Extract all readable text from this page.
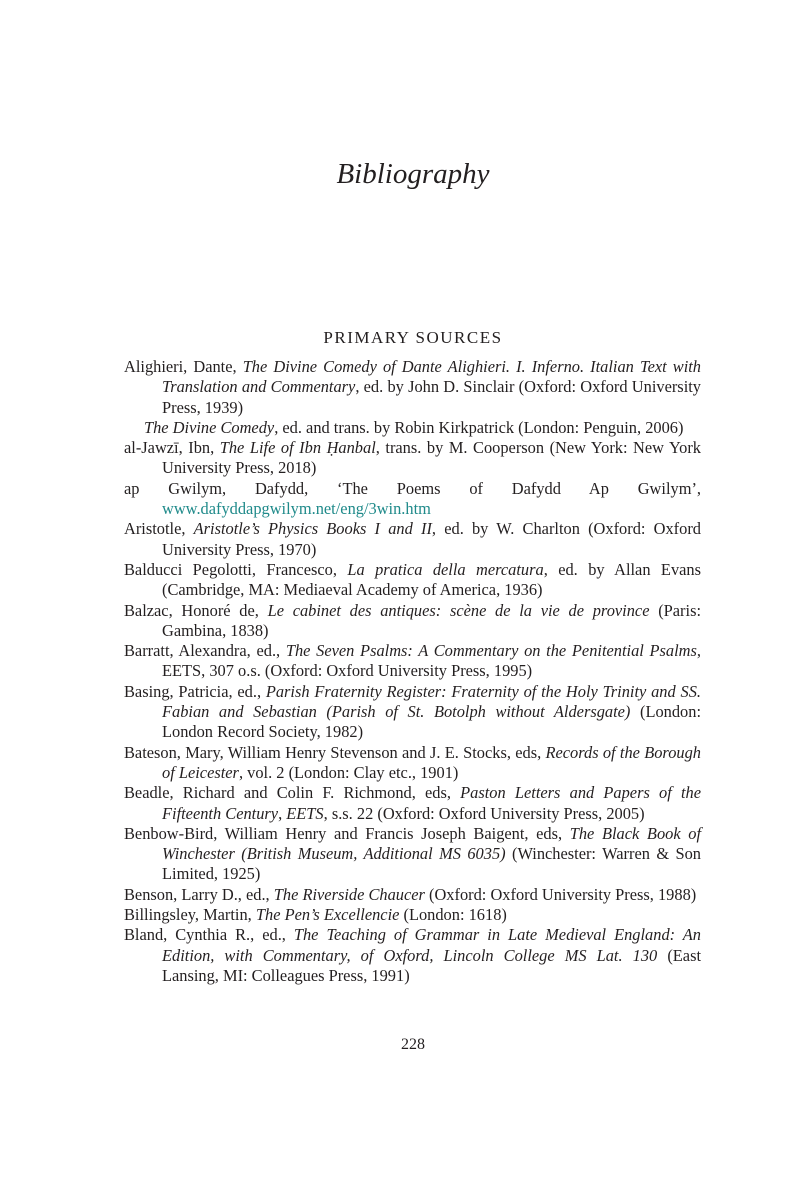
Bibliography
PRIMARY SOURCES

Alighieri, Dante, The Divine Comedy of Dante Alighieri. I. Inferno. Italian Text with Translation and Commentary, ed. by John D. Sinclair (Oxford: Oxford University Press, 1939)

The Divine Comedy, ed. and trans. by Robin Kirkpatrick (London: Penguin, 2006)

al-Jawzī, Ibn, The Life of Ibn Ḥanbal, trans. by M. Cooperson (New York: New York University Press, 2018)

ap Gwilym, Dafydd, ‘The Poems of Dafydd Ap Gwilym’, www.dafyddapgwilym.net/eng/3win.htm

Aristotle, Aristotle’s Physics Books I and II, ed. by W. Charlton (Oxford: Oxford University Press, 1970)

Balducci Pegolotti, Francesco, La pratica della mercatura, ed. by Allan Evans (Cambridge, MA: Mediaeval Academy of America, 1936)

Balzac, Honoré de, Le cabinet des antiques: scène de la vie de province (Paris: Gambina, 1838)

Barratt, Alexandra, ed., The Seven Psalms: A Commentary on the Penitential Psalms, EETS, 307 o.s. (Oxford: Oxford University Press, 1995)

Basing, Patricia, ed., Parish Fraternity Register: Fraternity of the Holy Trinity and SS. Fabian and Sebastian (Parish of St. Botolph without Aldersgate) (London: London Record Society, 1982)

Bateson, Mary, William Henry Stevenson and J. E. Stocks, eds, Records of the Borough of Leicester, vol. 2 (London: Clay etc., 1901)

Beadle, Richard and Colin F. Richmond, eds, Paston Letters and Papers of the Fifteenth Century, EETS, s.s. 22 (Oxford: Oxford University Press, 2005)

Benbow-Bird, William Henry and Francis Joseph Baigent, eds, The Black Book of Winchester (British Museum, Additional MS 6035) (Winchester: Warren & Son Limited, 1925)

Benson, Larry D., ed., The Riverside Chaucer (Oxford: Oxford University Press, 1988)

Billingsley, Martin, The Pen’s Excellencie (London: 1618)

Bland, Cynthia R., ed., The Teaching of Grammar in Late Medieval England: An Edition, with Commentary, of Oxford, Lincoln College MS Lat. 130 (East Lansing, MI: Colleagues Press, 1991)

228
